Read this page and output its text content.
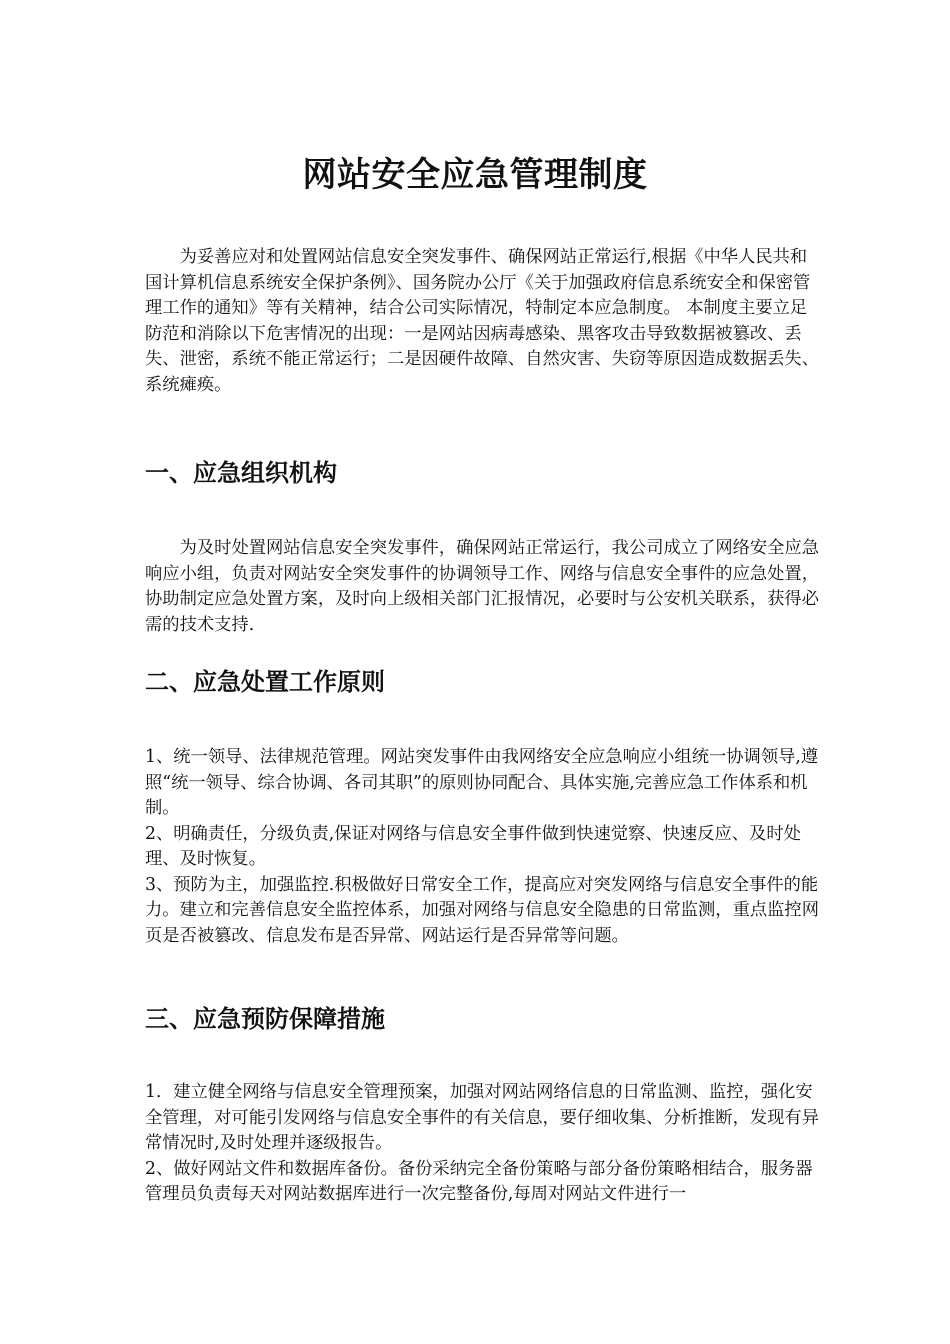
网站安全应急管理制度

为妥善应对和处置网站信息安全突发事件、确保网站正常运行,根据《中华人民共和国计算机信息系统安全保护条例》、国务院办公厅《关于加强政府信息系统安全和保密管理工作的通知》等有关精神，结合公司实际情况，特制定本应急制度。 本制度主要立足防范和消除以下危害情况的出现：一是网站因病毒感染、黑客攻击导致数据被篡改、丢失、泄密，系统不能正常运行；二是因硬件故障、自然灾害、失窃等原因造成数据丢失、系统瘫痪。

一、应急组织机构

为及时处置网站信息安全突发事件，确保网站正常运行，我公司成立了网络安全应急响应小组，负责对网站安全突发事件的协调领导工作、网络与信息安全事件的应急处置，协助制定应急处置方案，及时向上级相关部门汇报情况，必要时与公安机关联系，获得必需的技术支持.

二、应急处置工作原则

1、统一领导、法律规范管理。网站突发事件由我网络安全应急响应小组统一协调领导,遵照“统一领导、综合协调、各司其职”的原则协同配合、具体实施,完善应急工作体系和机制。

2、明确责任，分级负责,保证对网络与信息安全事件做到快速觉察、快速反应、及时处理、及时恢复。

3、预防为主，加强监控.积极做好日常安全工作，提高应对突发网络与信息安全事件的能力。建立和完善信息安全监控体系，加强对网络与信息安全隐患的日常监测，重点监控网页是否被篡改、信息发布是否异常、网站运行是否异常等问题。

三、应急预防保障措施

1．建立健全网络与信息安全管理预案，加强对网站网络信息的日常监测、监控，强化安全管理，对可能引发网络与信息安全事件的有关信息，要仔细收集、分析推断，发现有异常情况时,及时处理并逐级报告。

2、做好网站文件和数据库备份。备份采纳完全备份策略与部分备份策略相结合，服务器管理员负责每天对网站数据库进行一次完整备份,每周对网站文件进行一
